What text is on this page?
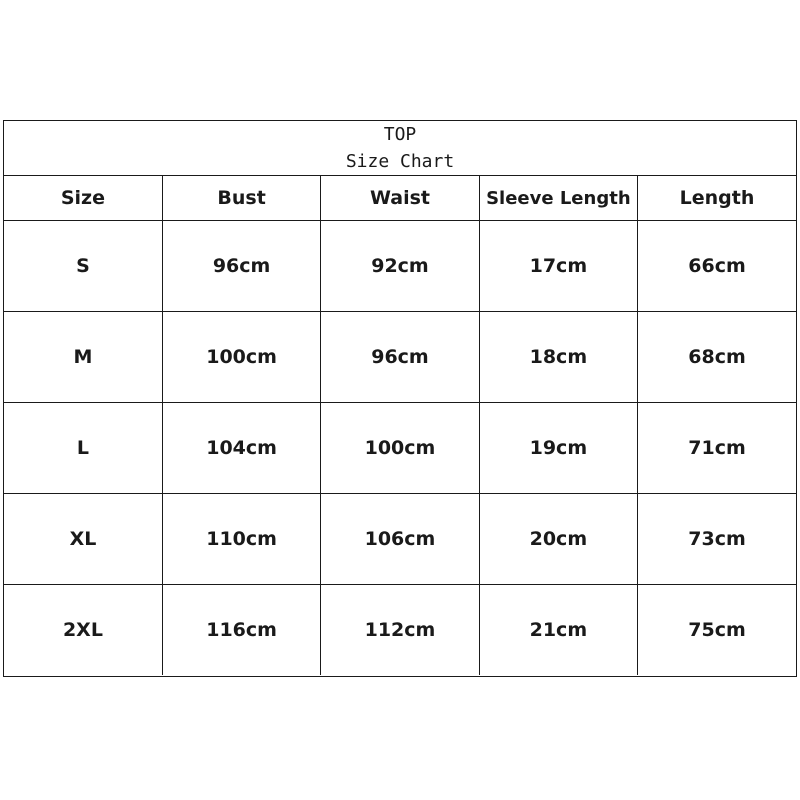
TOP
Size Chart
Size	Bust	Waist	Sleeve Length	Length
S	96cm	92cm	17cm	66cm
M	100cm	96cm	18cm	68cm
L	104cm	100cm	19cm	71cm
XL	110cm	106cm	20cm	73cm
2XL	116cm	112cm	21cm	75cm
